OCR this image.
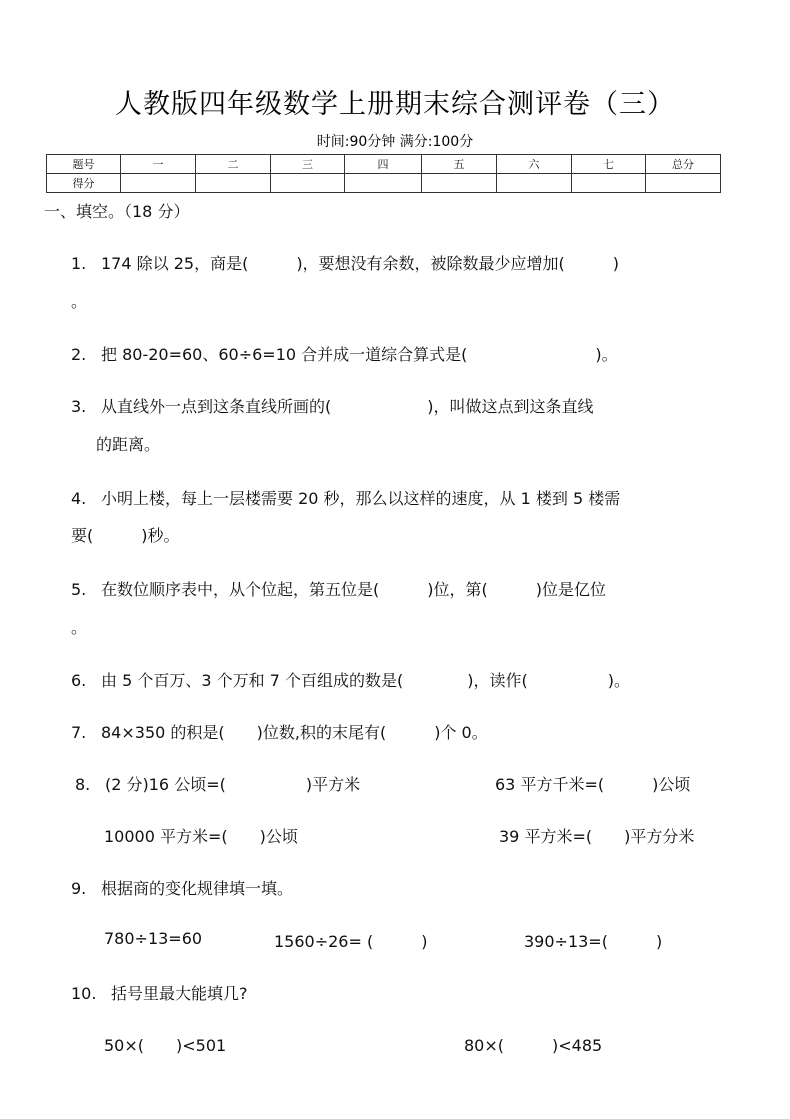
人教版四年级数学上册期末综合测评卷（三）
时间:90分钟 满分:100分
题号	一	二	三	四	五	六	七	总分
得分								
一、填空。（18 分）
1. 174 除以 25，商是(　　　)，要想没有余数，被除数最少应增加(　　　)
。
2. 把 80-20=60、60÷6=10 合并成一道综合算式是(　　　　　　　　)。
3. 从直线外一点到这条直线所画的(　　　　　　)，叫做这点到这条直线
的距离。
4. 小明上楼，每上一层楼需要 20 秒，那么以这样的速度，从 1 楼到 5 楼需
要(　　　)秒。
5. 在数位顺序表中，从个位起，第五位是(　　　)位，第(　　　)位是亿位
。
6. 由 5 个百万、3 个万和 7 个百组成的数是(　　　　)，读作(　　　　　)。
7. 84×350 的积是(　　)位数,积的末尾有(　　　)个 0。
8. (2 分)16 公顷=(　　　　　)平方米	63 平方千米=(　　　)公顷
10000 平方米=(　　)公顷	39 平方米=(　　)平方分米
9. 根据商的变化规律填一填。
780÷13=60	1560÷26= (　　　)	390÷13=(　　　)
10. 括号里最大能填几?
50×(　　)<501	80×(　　　)<485
